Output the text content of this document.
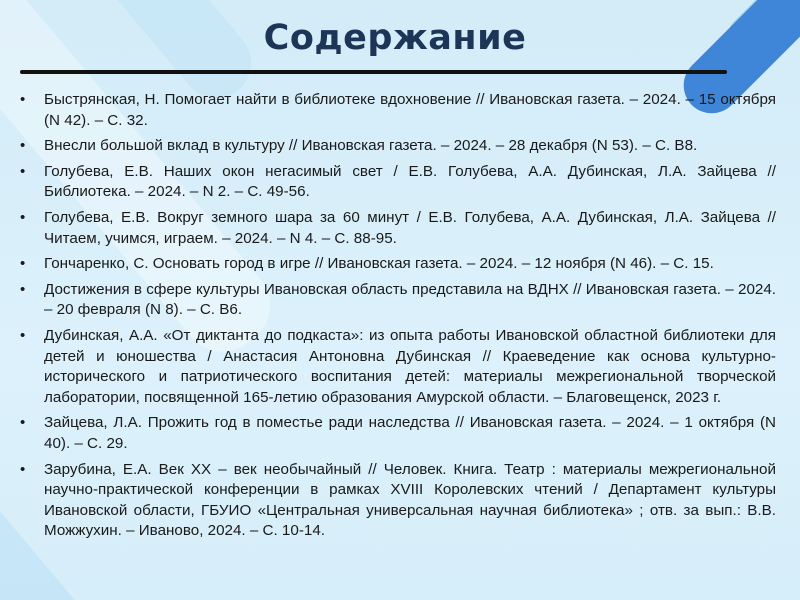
Содержание
• Быстрянская, Н. Помогает найти в библиотеке вдохновение // Ивановская газета. – 2024. – 15 октября (N 42). – С. 32.
• Внесли большой вклад в культуру // Ивановская газета. – 2024. – 28 декабря (N 53). – С. В8.
• Голубева, Е.В. Наших окон негасимый свет / Е.В. Голубева, А.А. Дубинская, Л.А. Зайцева // Библиотека. – 2024. – N 2. – С. 49-56.
• Голубева, Е.В. Вокруг земного шара за 60 минут / Е.В. Голубева, А.А. Дубинская, Л.А. Зайцева // Читаем, учимся, играем. – 2024. – N 4. – С. 88-95.
• Гончаренко, С. Основать город в игре // Ивановская газета. – 2024. – 12 ноября (N 46). – С. 15.
• Достижения в сфере культуры Ивановская область представила на ВДНХ // Ивановская газета. – 2024. – 20 февраля (N 8). – С. В6.
• Дубинская, А.А. «От диктанта до подкаста»: из опыта работы Ивановской областной библиотеки для детей и юношества / Анастасия Антоновна Дубинская // Краеведение как основа культурно-исторического и патриотического воспитания детей: материалы межрегиональной творческой лаборатории, посвященной 165-летию образования Амурской области. – Благовещенск, 2023 г.
• Зайцева, Л.А. Прожить год в поместье ради наследства // Ивановская газета. – 2024. – 1 октября (N 40). – С. 29.
• Зарубина, Е.А. Век XX – век необычайный // Человек. Книга. Театр : материалы межрегиональной научно-практической конференции в рамках XVIII Королевских чтений / Департамент культуры Ивановской области, ГБУИО «Центральная универсальная научная библиотека» ; отв. за вып.: В.В. Можжухин. – Иваново, 2024. – С. 10-14.
